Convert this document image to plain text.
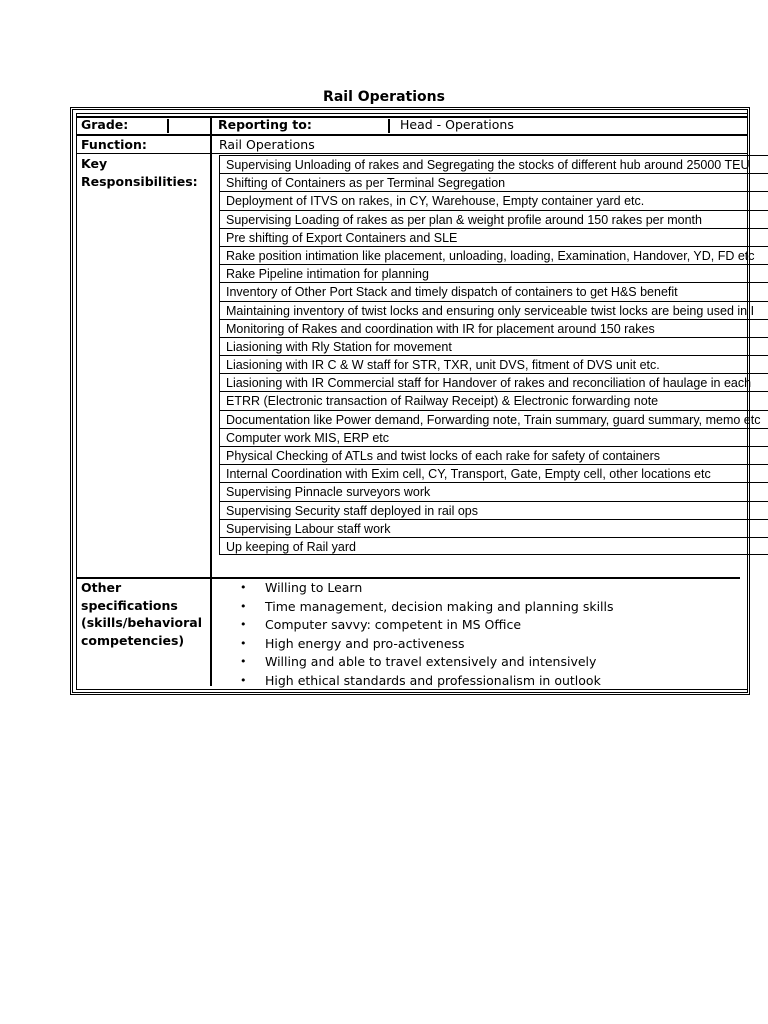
Rail Operations
Grade:	Reporting to:	Head - Operations
Function:	Rail Operations
Key
Responsibilities:
Supervising Unloading of rakes and Segregating the stocks of different hub around 25000 TEU
Shifting of Containers as per Terminal Segregation
Deployment of ITVS on rakes, in CY, Warehouse, Empty container yard etc.
Supervising Loading of rakes as per plan & weight profile around 150 rakes per month
Pre shifting of Export Containers and SLE
Rake position intimation like placement, unloading, loading, Examination, Handover, YD, FD etc
Rake Pipeline intimation for planning
Inventory of Other Port Stack and timely dispatch of containers to get H&S benefit
Maintaining inventory of twist locks and ensuring only serviceable twist locks are being used in I
Monitoring of Rakes and coordination with IR for placement around 150 rakes
Liasioning with Rly Station for movement
Liasioning with IR C & W staff for STR, TXR, unit DVS, fitment of DVS unit etc.
Liasioning with IR Commercial staff for Handover of rakes and reconciliation of haulage in each
ETRR (Electronic transaction of Railway Receipt) & Electronic forwarding note
Documentation like Power demand, Forwarding note, Train summary, guard summary, memo etc
Computer work MIS, ERP etc
Physical Checking of ATLs and twist locks of each rake for safety of containers
Internal Coordination with Exim cell, CY, Transport, Gate, Empty cell, other locations etc
Supervising Pinnacle surveyors work
Supervising Security staff deployed in rail ops
Supervising Labour staff work
Up keeping of Rail yard
Other
specifications
(skills/behavioral
competencies)
• Willing to Learn
• Time management, decision making and planning skills
• Computer savvy: competent in MS Office
• High energy and pro-activeness
• Willing and able to travel extensively and intensively
• High ethical standards and professionalism in outlook
